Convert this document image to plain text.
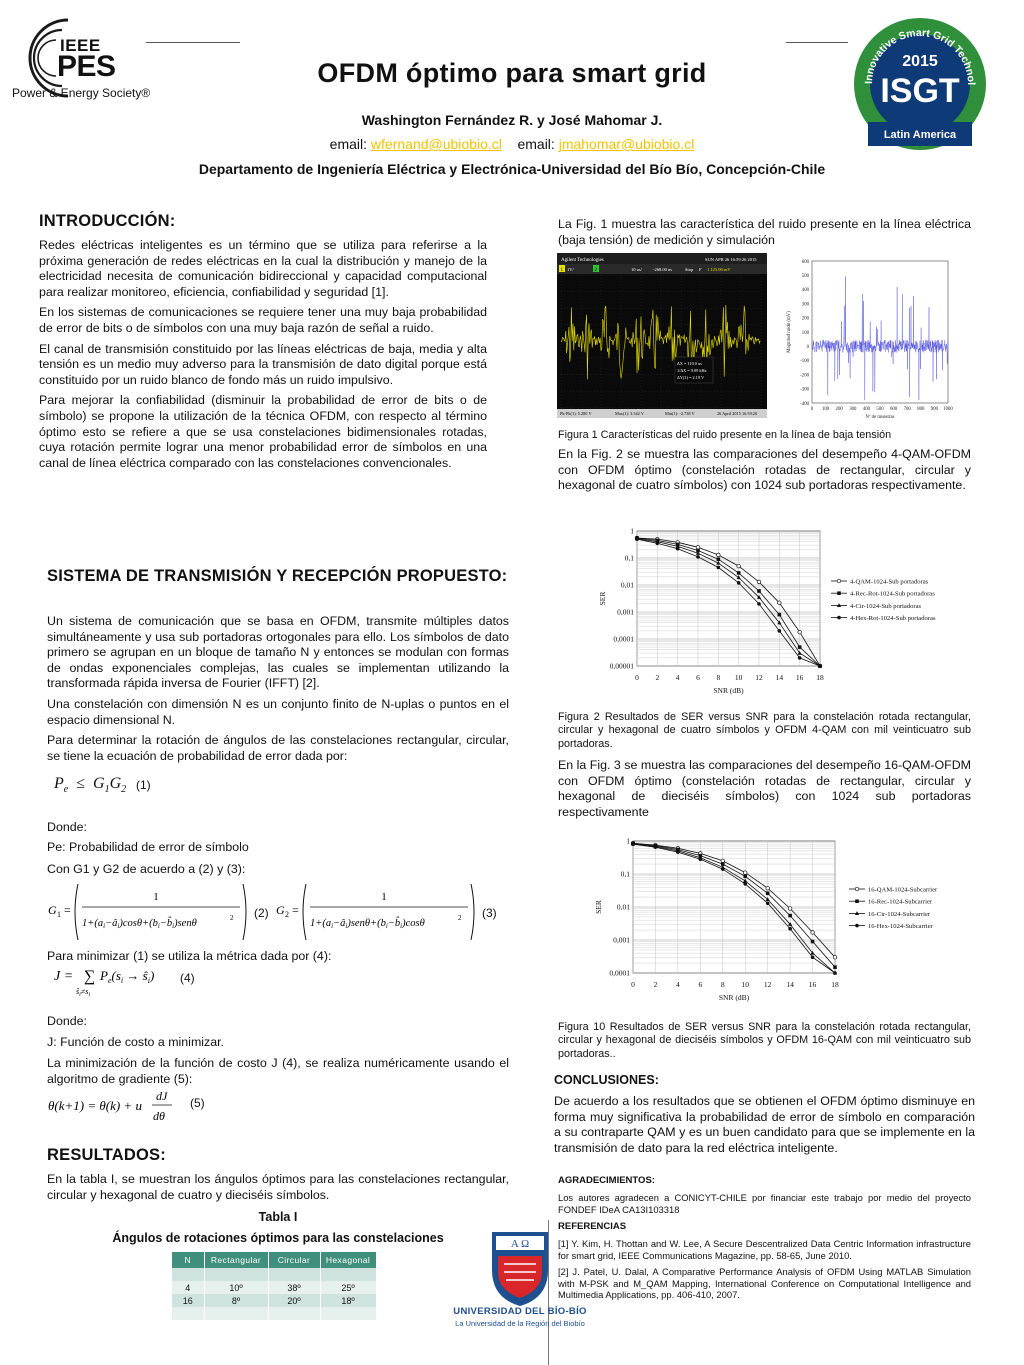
IEEE
PES
Power & Energy Society®
OFDM óptimo para smart grid
Washington Fernández R. y José Mahomar J.
email: wfernand@ubiobio.cl email: jmahomar@ubiobio.cl
Departamento de Ingeniería Eléctrica y Electrónica-Universidad del Bío Bío, Concepción-Chile
Innovative Smart Grid Technol
2015
ISGT
Latin America
INTRODUCCIÓN:

Redes eléctricas inteligentes es un término que se utiliza para referirse a la próxima generación de redes eléctricas en la cual la distribución y manejo de la electricidad necesita de comunicación bidireccional y capacidad computacional para realizar monitoreo, eficiencia, confiabilidad y seguridad [1].

En los sistemas de comunicaciones se requiere tener una muy baja probabilidad de error de bits o de símbolos con una muy baja razón de señal a ruido.

El canal de transmisión constituido por las líneas eléctricas de baja, media y alta tensión es un medio muy adverso para la transmisión de dato digital porque está constituido por un ruido blanco de fondo más un ruido impulsivo.

Para mejorar la confiabilidad (disminuir la probabilidad de error de bits o de símbolo) se propone la utilización de la técnica OFDM, con respecto al término óptimo esto se refiere a que se usa constelaciones bidimensionales rotadas, cuya rotación permite lograr una menor probabilidad error de símbolos en una canal de línea eléctrica comparado con las constelaciones convencionales.

SISTEMA DE TRANSMISIÓN Y RECEPCIÓN PROPUESTO:

Un sistema de comunicación que se basa en OFDM, transmite múltiples datos simultáneamente y usa sub portadoras ortogonales para ello. Los símbolos de dato primero se agrupan en un bloque de tamaño N y entonces se modulan con formas de ondas exponenciales complejas, las cuales se implementan utilizando la transformada rápida inversa de Fourier (IFFT) [2].

Una constelación con dimensión N es un conjunto finito de N-uplas o puntos en el espacio dimensional N.

Para determinar la rotación de ángulos de las constelaciones rectangular, circular, se tiene la ecuación de probabilidad de error dada por:

$P_e \le G_1G_2$ (1)

Donde:

Pe: Probabilidad de error de símbolo

Con G1 y G2 de acuerdo a (2) y (3):

G 1 =
1
1+(ai−âi)cosθ+(bi−b̂i)senθ	2 (2) G 2 =
1
1+(ai−âi)senθ+(bi−b̂i)cosθ	2 (3)

Para minimizar (1) se utiliza la métrica dada por (4):

J = ∑
$ŝ_i\ne s_i$
$P_e(s_i$ → $ŝ_i$) (4)

Donde:

J: Función de costo a minimizar.

La minimización de la función de costo J (4), se realiza numéricamente usando el algoritmo de gradiente (5):

θ(k+1) = θ(k) + u
dJ
dθ
(5)
RESULTADOS:

En la tabla I, se muestran los ángulos óptimos para las constelaciones rectangular, circular y hexagonal de cuatro y dieciséis símbolos.

Tabla I
Ángulos de rotaciones óptimos para las constelaciones
N	Rectangular	Circular	Hexagonal

4	10º	38º	25º
16	8º	20º	18º

La Fig. 1 muestra las característica del ruido presente en la línea eléctrica (baja tensión) de medición y simulación

Agilent Technologies	SUN APR 26 16:59:26 2015
1 1V/	2	10 us/ -268.00 ns	Stop F 1 125.00 mV
ΔX = 110.0 us
1/ΔX = 9.09 kHz
ΔY(1) = 2.19 V
Pk-Pk(1): 5.280 V	Max(1): 3.542 V	Min(1): -2.738 V	26 April 2015 16:59:26
600
500
400
300
200
100
0
-100
-200
-300
-400
0 100 200 300 400 500 600 700 800 900 1000
Nº de muestras
Magnitud ruido (mV)

Figura 1 Características del ruido presente en la línea de baja tensión

En la Fig. 2 se muestra las comparaciones del desempeño 4-QAM-OFDM con OFDM óptimo (constelación rotadas de rectangular, circular y hexagonal de cuatro símbolos) con 1024 sub portadoras respectivamente.

0 2 4 6 8 10 12 14 16 18
1
0,1
0,01
0,001
0,0001
0,00001
SNR (dB)
SER
4-QAM-1024-Sub portadoras
4-Rec-Rot-1024-Sub portadoras
4-Cir-1024-Sub portadoras
4-Hex-Rot-1024-Sub portadoras

Figura 2 Resultados de SER versus SNR para la constelación rotada rectangular, circular y hexagonal de cuatro símbolos y OFDM 4-QAM con mil veinticuatro sub portadoras.

En la Fig. 3 se muestra las comparaciones del desempeño 16-QAM-OFDM con OFDM óptimo (constelación rotadas de rectangular, circular y hexagonal de dieciséis símbolos) con 1024 sub portadoras respectivamente

0 2 4 6 8 10 12 14 16 18
1
0,1
0,01
0,001
0,0001
SNR (dB)
SER
16-QAM-1024-Subcarrier
16-Rec-1024-Subcarrier
16-Cir-1024-Subcarrier
16-Hex-1024-Subcarrier

Figura 10 Resultados de SER versus SNR para la constelación rotada rectangular, circular y hexagonal de dieciséis símbolos y OFDM 16-QAM con mil veinticuatro sub portadoras..

CONCLUSIONES:

De acuerdo a los resultados que se obtienen el OFDM óptimo disminuye en forma muy significativa la probabilidad de error de símbolo en comparación a su contraparte QAM y es un buen candidato para que se implemente en la transmisión de dato para la red eléctrica inteligente.

AGRADECIMIENTOS:

Los autores agradecen a CONICYT-CHILE por financiar este trabajo por medio del proyecto FONDEF IDeA CA13I103318

REFERENCIAS

[1] Y. Kim, H. Thottan and W. Lee, A Secure Descentralized Data Centric Information infrastructure for smart grid, IEEE Communications Magazine, pp. 58-65, June 2010.

[2] J. Patel, U. Dalal, A Comparative Performance Analysis of OFDM Using MATLAB Simulation with M-PSK and M_QAM Mapping, International Conference on Computational Intelligence and Multimedia Applications, pp. 406-410, 2007.

A Ω
UNIVERSIDAD DEL BÍO-BÍO
La Universidad de la Región del Biobío
